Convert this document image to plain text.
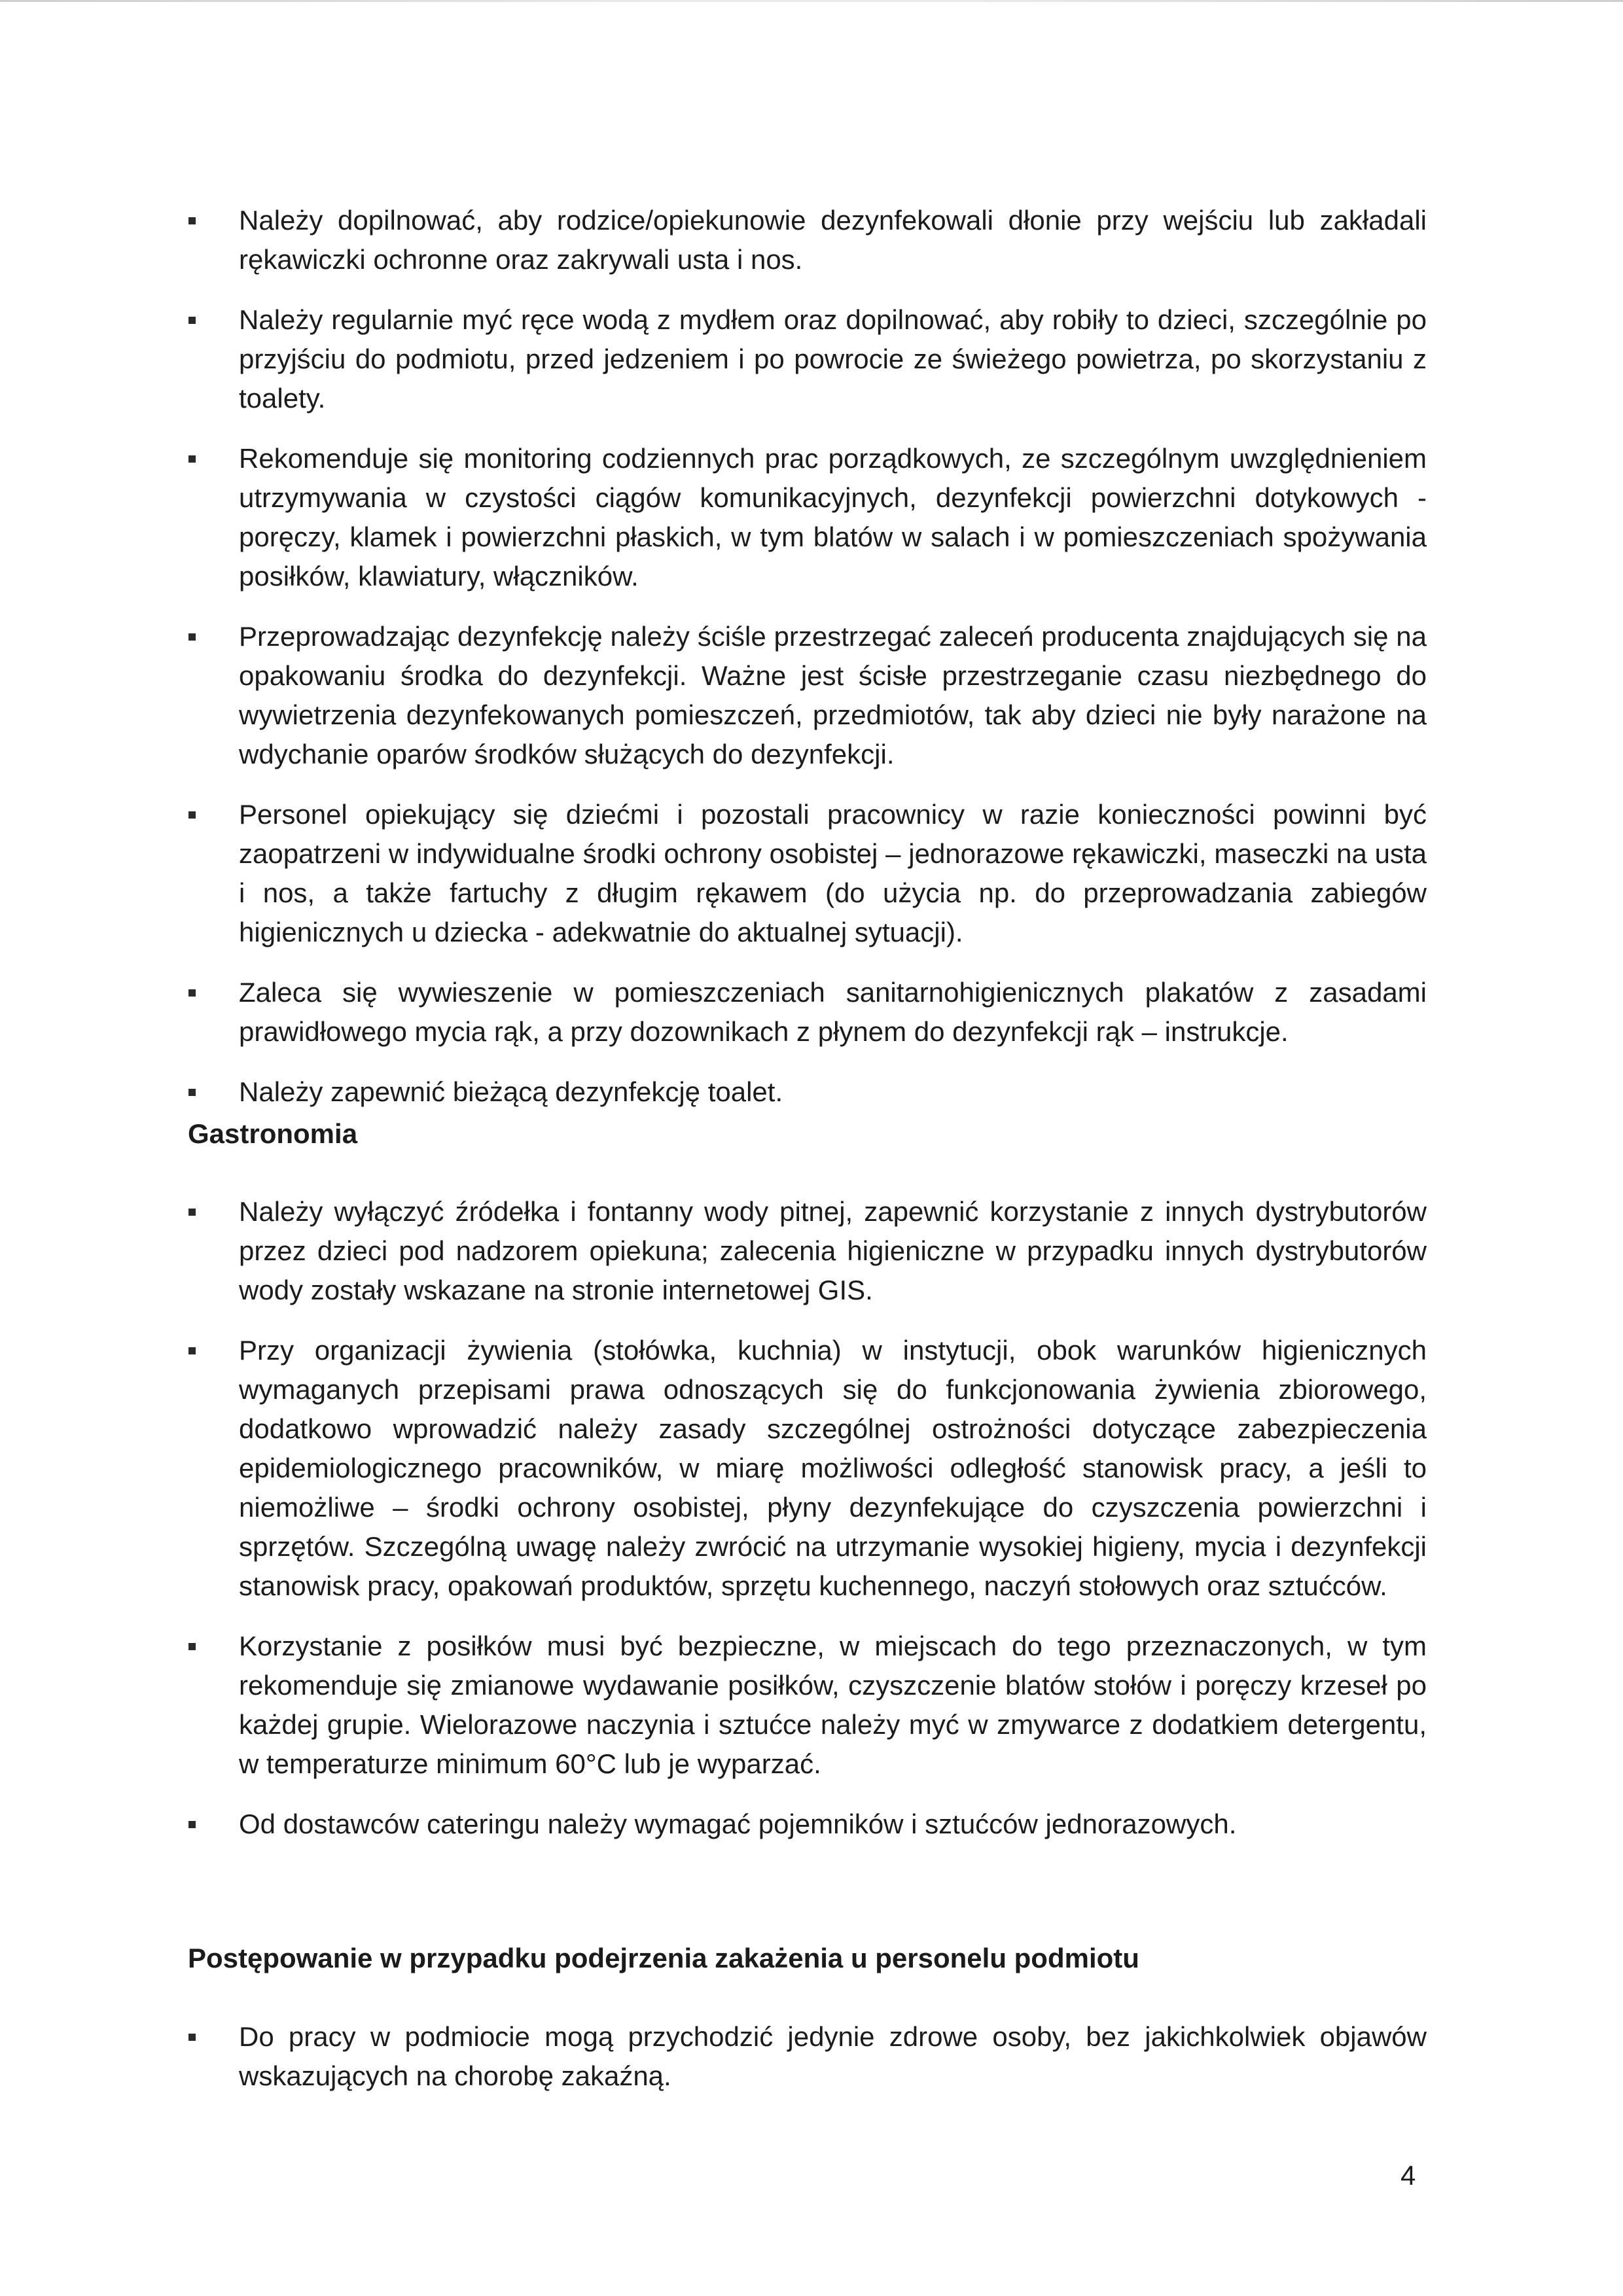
Należy dopilnować, aby rodzice/opiekunowie dezynfekowali dłonie przy wejściu lub zakładali rękawiczki ochronne oraz zakrywali usta i nos.
Należy regularnie myć ręce wodą z mydłem oraz dopilnować, aby robiły to dzieci, szczególnie po przyjściu do podmiotu, przed jedzeniem i po powrocie ze świeżego powietrza, po skorzystaniu z toalety.
Rekomenduje się monitoring codziennych prac porządkowych, ze szczególnym uwzględnieniem utrzymywania w czystości ciągów komunikacyjnych, dezynfekcji powierzchni dotykowych - poręczy, klamek i powierzchni płaskich, w tym blatów w salach i w pomieszczeniach spożywania posiłków, klawiatury, włączników.
Przeprowadzając dezynfekcję należy ściśle przestrzegać zaleceń producenta znajdujących się na opakowaniu środka do dezynfekcji. Ważne jest ścisłe przestrzeganie czasu niezbędnego do wywietrzenia dezynfekowanych pomieszczeń, przedmiotów, tak aby dzieci nie były narażone na wdychanie oparów środków służących do dezynfekcji.
Personel opiekujący się dziećmi i pozostali pracownicy w razie konieczności powinni być zaopatrzeni w indywidualne środki ochrony osobistej – jednorazowe rękawiczki, maseczki na usta i nos, a także fartuchy z długim rękawem (do użycia np. do przeprowadzania zabiegów higienicznych u dziecka - adekwatnie do aktualnej sytuacji).
Zaleca się wywieszenie w pomieszczeniach sanitarnohigienicznych plakatów z zasadami prawidłowego mycia rąk, a przy dozownikach z płynem do dezynfekcji rąk – instrukcje.
Należy zapewnić bieżącą dezynfekcję toalet.
Gastronomia
Należy wyłączyć źródełka i fontanny wody pitnej, zapewnić korzystanie z innych dystrybutorów przez dzieci pod nadzorem opiekuna; zalecenia higieniczne w przypadku innych dystrybutorów wody zostały wskazane na stronie internetowej GIS.
Przy organizacji żywienia (stołówka, kuchnia) w instytucji, obok warunków higienicznych wymaganych przepisami prawa odnoszących się do funkcjonowania żywienia zbiorowego, dodatkowo wprowadzić należy zasady szczególnej ostrożności dotyczące zabezpieczenia epidemiologicznego pracowników, w miarę możliwości odległość stanowisk pracy, a jeśli to niemożliwe – środki ochrony osobistej, płyny dezynfekujące do czyszczenia powierzchni i sprzętów. Szczególną uwagę należy zwrócić na utrzymanie wysokiej higieny, mycia i dezynfekcji stanowisk pracy, opakowań produktów, sprzętu kuchennego, naczyń stołowych oraz sztućców.
Korzystanie z posiłków musi być bezpieczne, w miejscach do tego przeznaczonych, w tym rekomenduje się zmianowe wydawanie posiłków, czyszczenie blatów stołów i poręczy krzeseł po każdej grupie. Wielorazowe naczynia i sztućce należy myć w zmywarce z dodatkiem detergentu, w temperaturze minimum 60°C lub je wyparzać.
Od dostawców cateringu należy wymagać pojemników i sztućców jednorazowych.
Postępowanie w przypadku podejrzenia zakażenia u personelu podmiotu
Do pracy w podmiocie mogą przychodzić jedynie zdrowe osoby, bez jakichkolwiek objawów wskazujących na chorobę zakaźną.
4
